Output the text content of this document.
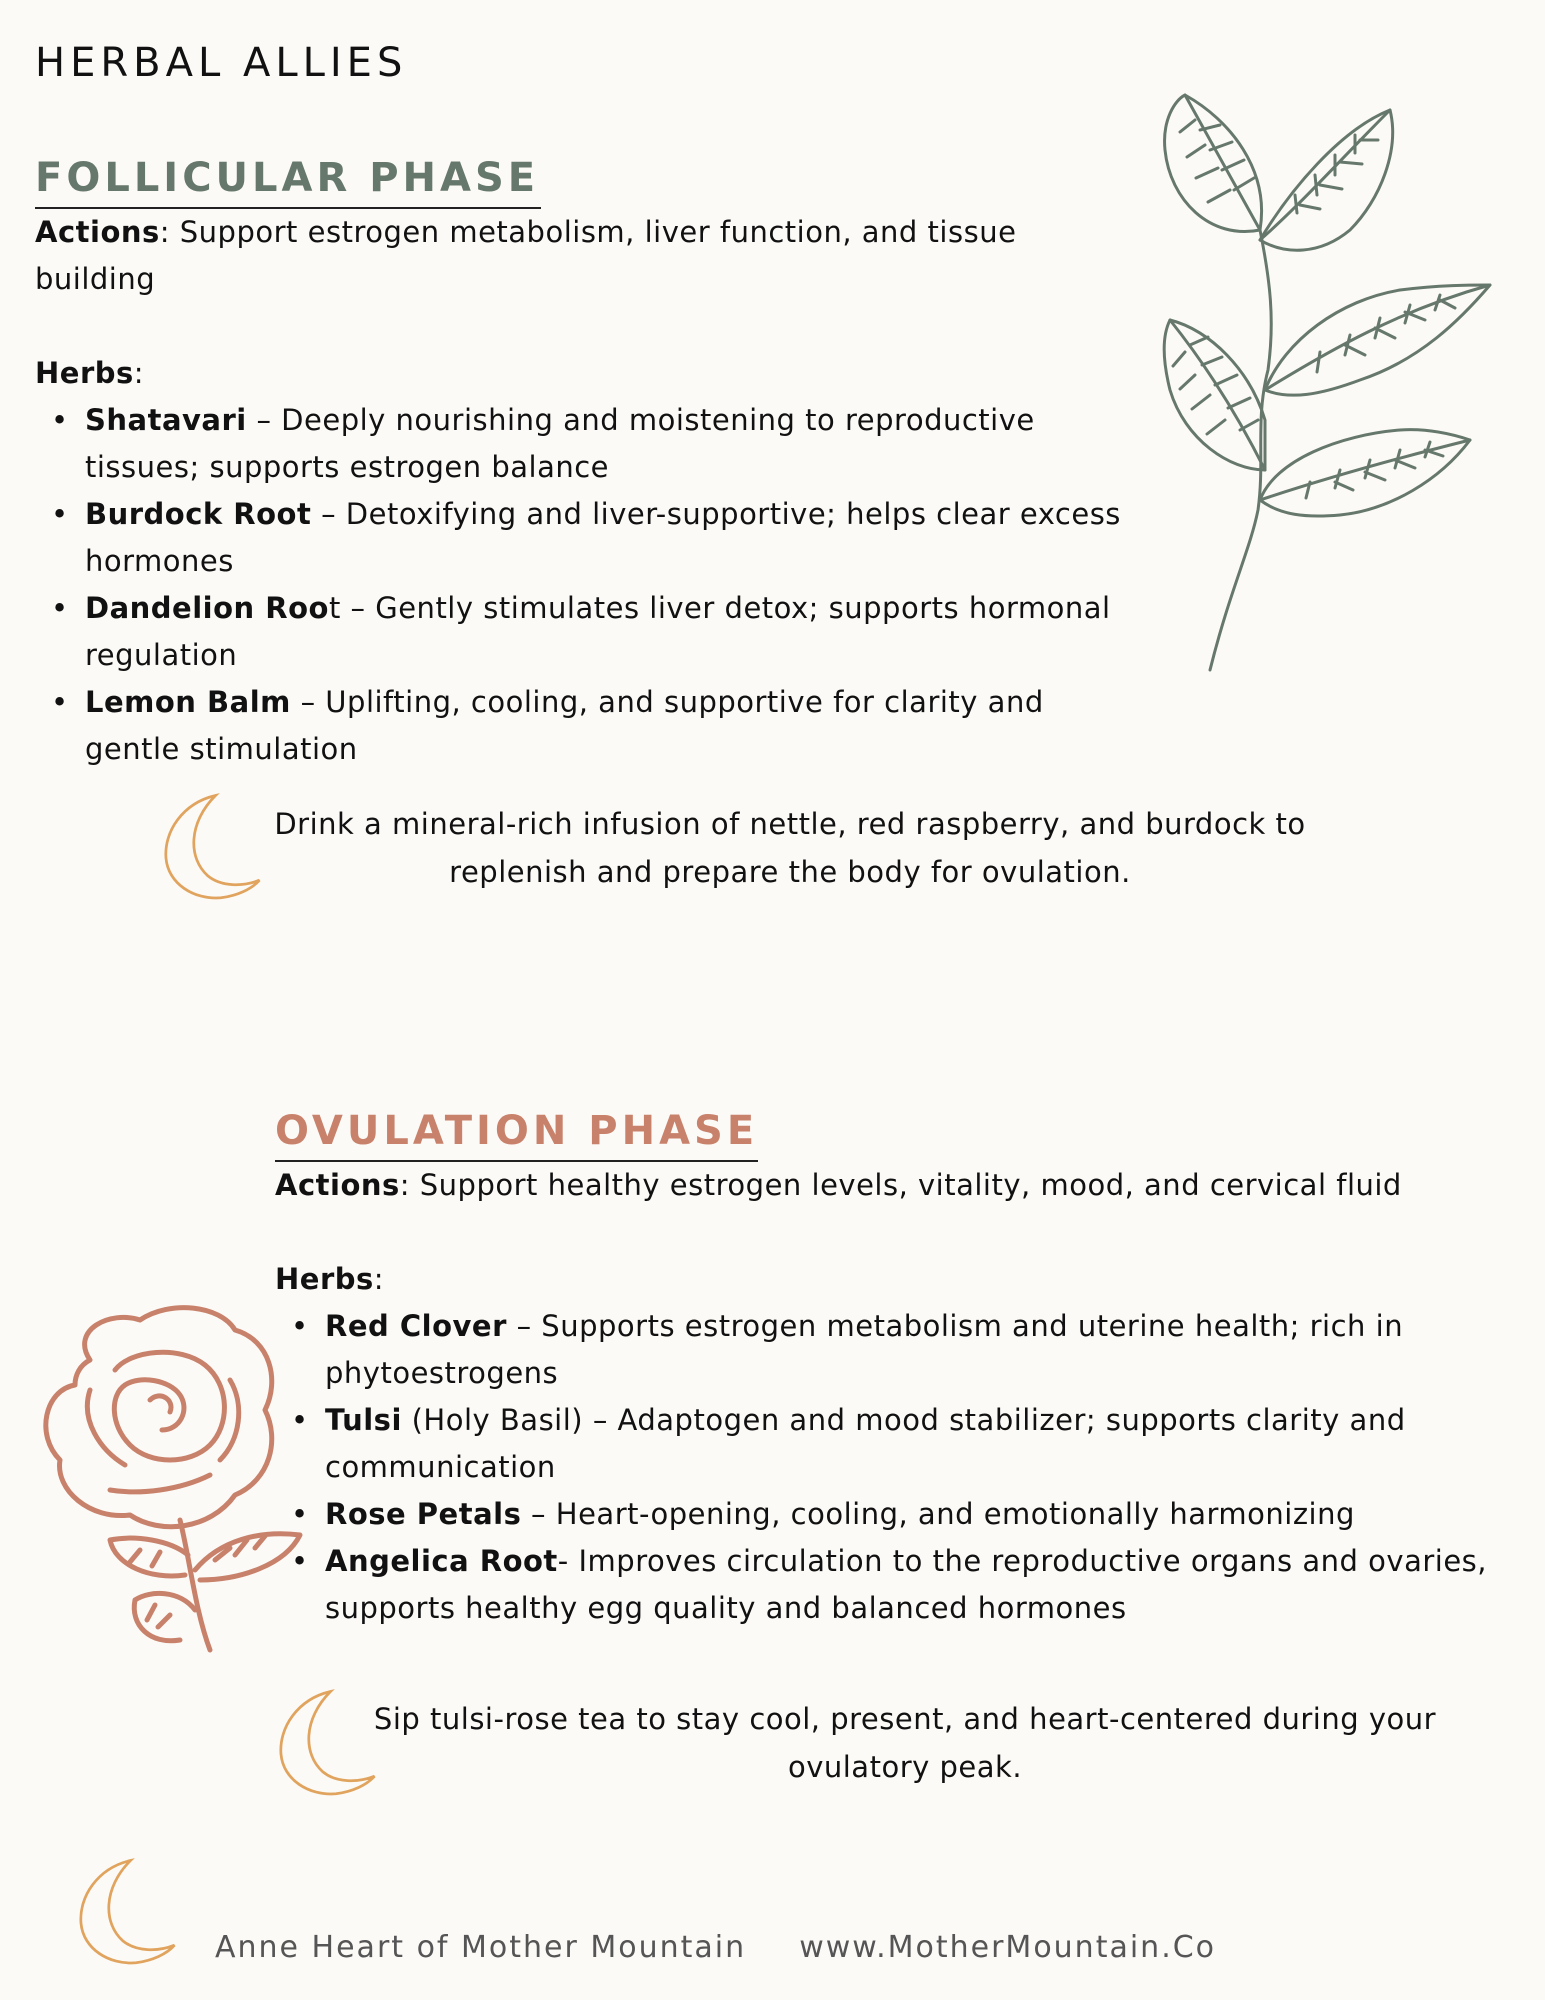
HERBAL ALLIES
FOLLICULAR PHASE

Actions: Support estrogen metabolism, liver function, and tissue building

Herbs:

• Shatavari – Deeply nourishing and moistening to reproductive tissues; supports estrogen balance
• Burdock Root – Detoxifying and liver-supportive; helps clear excess hormones
• Dandelion Root – Gently stimulates liver detox; supports hormonal regulation
• Lemon Balm – Uplifting, cooling, and supportive for clarity and gentle stimulation

Drink a mineral-rich infusion of nettle, red raspberry, and burdock to replenish and prepare the body for ovulation.

OVULATION PHASE

Actions: Support healthy estrogen levels, vitality, mood, and cervical fluid

Herbs:

• Red Clover – Supports estrogen metabolism and uterine health; rich in phytoestrogens
• Tulsi (Holy Basil) – Adaptogen and mood stabilizer; supports clarity and communication
• Rose Petals – Heart-opening, cooling, and emotionally harmonizing
• Angelica Root- Improves circulation to the reproductive organs and ovaries, supports healthy egg quality and balanced hormones

Sip tulsi-rose tea to stay cool, present, and heart-centered during your ovulatory peak.

Anne Heart of Mother Mountain www.MotherMountain.Co
